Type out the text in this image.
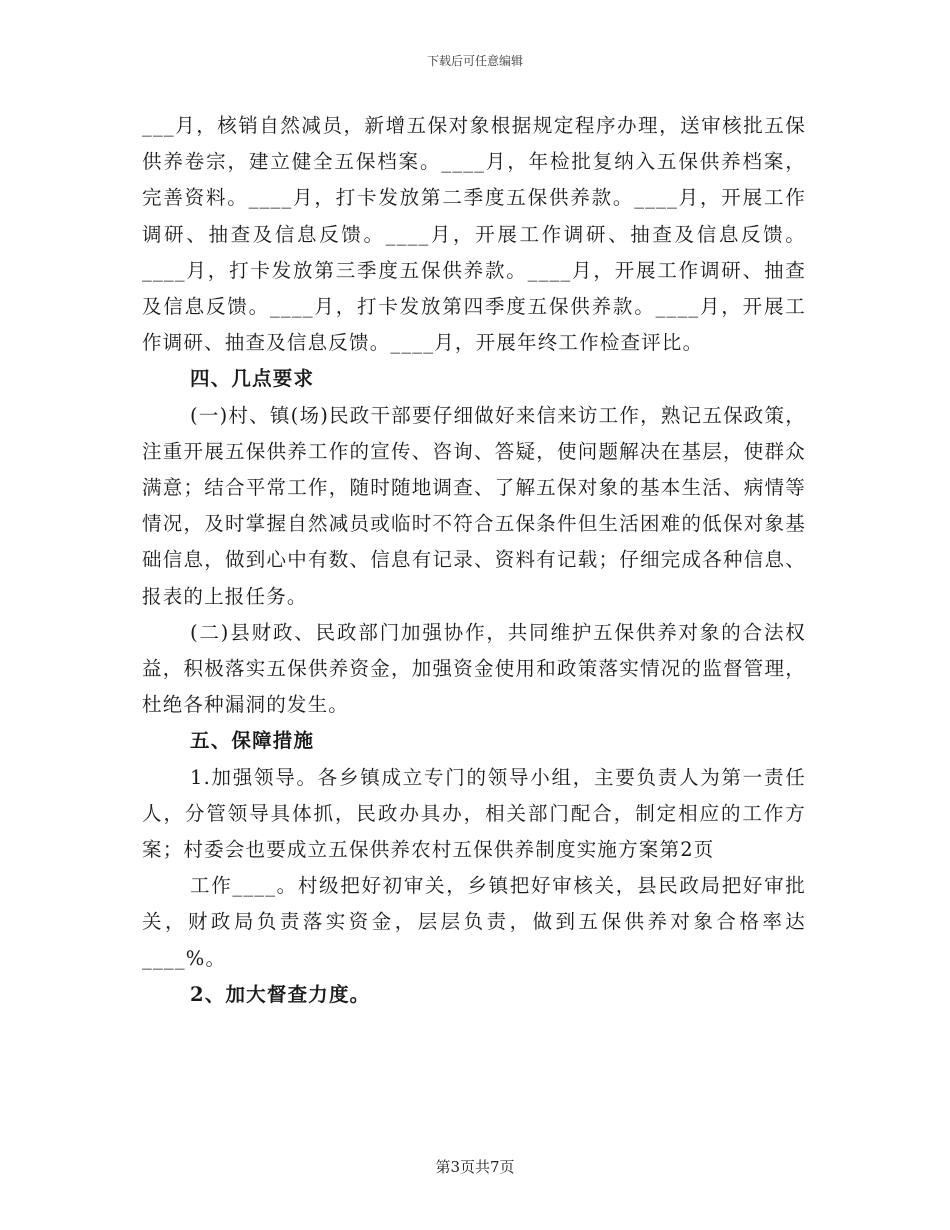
下载后可任意编辑

___月，核销自然减员，新增五保对象根据规定程序办理，送审核批五保供养卷宗，建立健全五保档案。____月，年检批复纳入五保供养档案，完善资料。____月，打卡发放第二季度五保供养款。____月，开展工作调研、抽查及信息反馈。____月，开展工作调研、抽查及信息反馈。____月，打卡发放第三季度五保供养款。____月，开展工作调研、抽查及信息反馈。____月，打卡发放第四季度五保供养款。____月，开展工作调研、抽查及信息反馈。____月，开展年终工作检查评比。

四、几点要求

(一)村、镇(场)民政干部要仔细做好来信来访工作，熟记五保政策，注重开展五保供养工作的宣传、咨询、答疑，使问题解决在基层，使群众满意；结合平常工作，随时随地调查、了解五保对象的基本生活、病情等情况，及时掌握自然减员或临时不符合五保条件但生活困难的低保对象基础信息，做到心中有数、信息有记录、资料有记载；仔细完成各种信息、报表的上报任务。

(二)县财政、民政部门加强协作，共同维护五保供养对象的合法权益，积极落实五保供养资金，加强资金使用和政策落实情况的监督管理，杜绝各种漏洞的发生。

五、保障措施

1.加强领导。各乡镇成立专门的领导小组，主要负责人为第一责任人，分管领导具体抓，民政办具办，相关部门配合，制定相应的工作方案；村委会也要成立五保供养农村五保供养制度实施方案第2页

工作____。村级把好初审关，乡镇把好审核关，县民政局把好审批关，财政局负责落实资金，层层负责，做到五保供养对象合格率达____%。

2、加大督查力度。

第3页共7页
